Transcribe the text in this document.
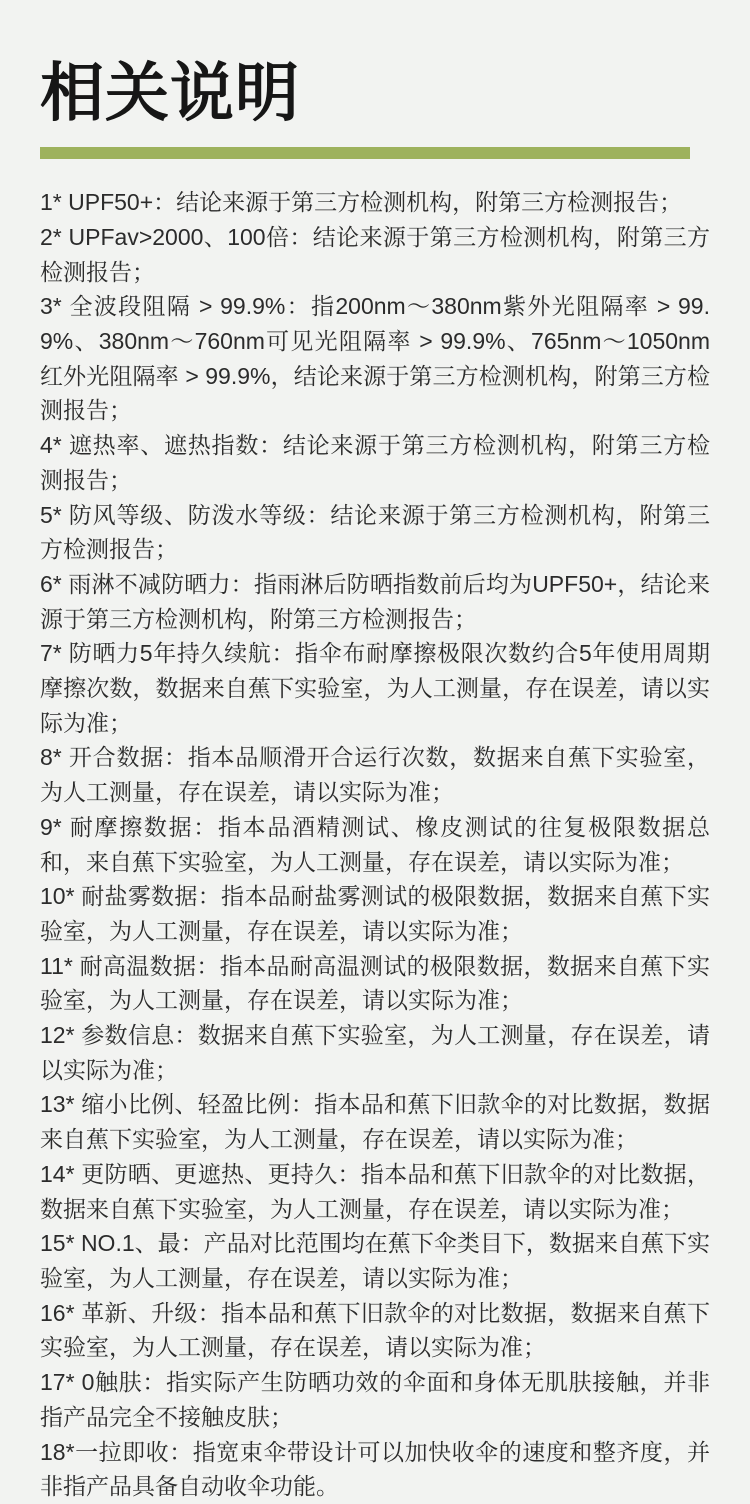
相关说明

1* UPF50+：结论来源于第三方检测机构，附第三方检测报告；

2* UPFav>2000、100倍：结论来源于第三方检测机构，附第三方检测报告；

3* 全波段阻隔 > 99.9%：指200nm～380nm紫外光阻隔率 > 99.9%、380nm～760nm可见光阻隔率 > 99.9%、765nm～1050nm红外光阻隔率 > 99.9%，结论来源于第三方检测机构，附第三方检测报告；

4* 遮热率、遮热指数：结论来源于第三方检测机构，附第三方检测报告；

5* 防风等级、防泼水等级：结论来源于第三方检测机构，附第三方检测报告；

6* 雨淋不减防晒力：指雨淋后防晒指数前后均为UPF50+，结论来源于第三方检测机构，附第三方检测报告；

7* 防晒力5年持久续航：指伞布耐摩擦极限次数约合5年使用周期摩擦次数，数据来自蕉下实验室，为人工测量，存在误差，请以实际为准；

8* 开合数据：指本品顺滑开合运行次数，数据来自蕉下实验室，为人工测量，存在误差，请以实际为准；

9* 耐摩擦数据：指本品酒精测试、橡皮测试的往复极限数据总和，来自蕉下实验室，为人工测量，存在误差，请以实际为准；

10* 耐盐雾数据：指本品耐盐雾测试的极限数据，数据来自蕉下实验室，为人工测量，存在误差，请以实际为准；

11* 耐高温数据：指本品耐高温测试的极限数据，数据来自蕉下实验室，为人工测量，存在误差，请以实际为准；

12* 参数信息：数据来自蕉下实验室，为人工测量，存在误差，请以实际为准；

13* 缩小比例、轻盈比例：指本品和蕉下旧款伞的对比数据，数据来自蕉下实验室，为人工测量，存在误差，请以实际为准；

14* 更防晒、更遮热、更持久：指本品和蕉下旧款伞的对比数据，数据来自蕉下实验室，为人工测量，存在误差，请以实际为准；

15* NO.1、最：产品对比范围均在蕉下伞类目下，数据来自蕉下实验室，为人工测量，存在误差，请以实际为准；

16* 革新、升级：指本品和蕉下旧款伞的对比数据，数据来自蕉下实验室，为人工测量，存在误差，请以实际为准；

17* 0触肤：指实际产生防晒功效的伞面和身体无肌肤接触，并非指产品完全不接触皮肤；

18*一拉即收：指宽束伞带设计可以加快收伞的速度和整齐度，并非指产品具备自动收伞功能。
